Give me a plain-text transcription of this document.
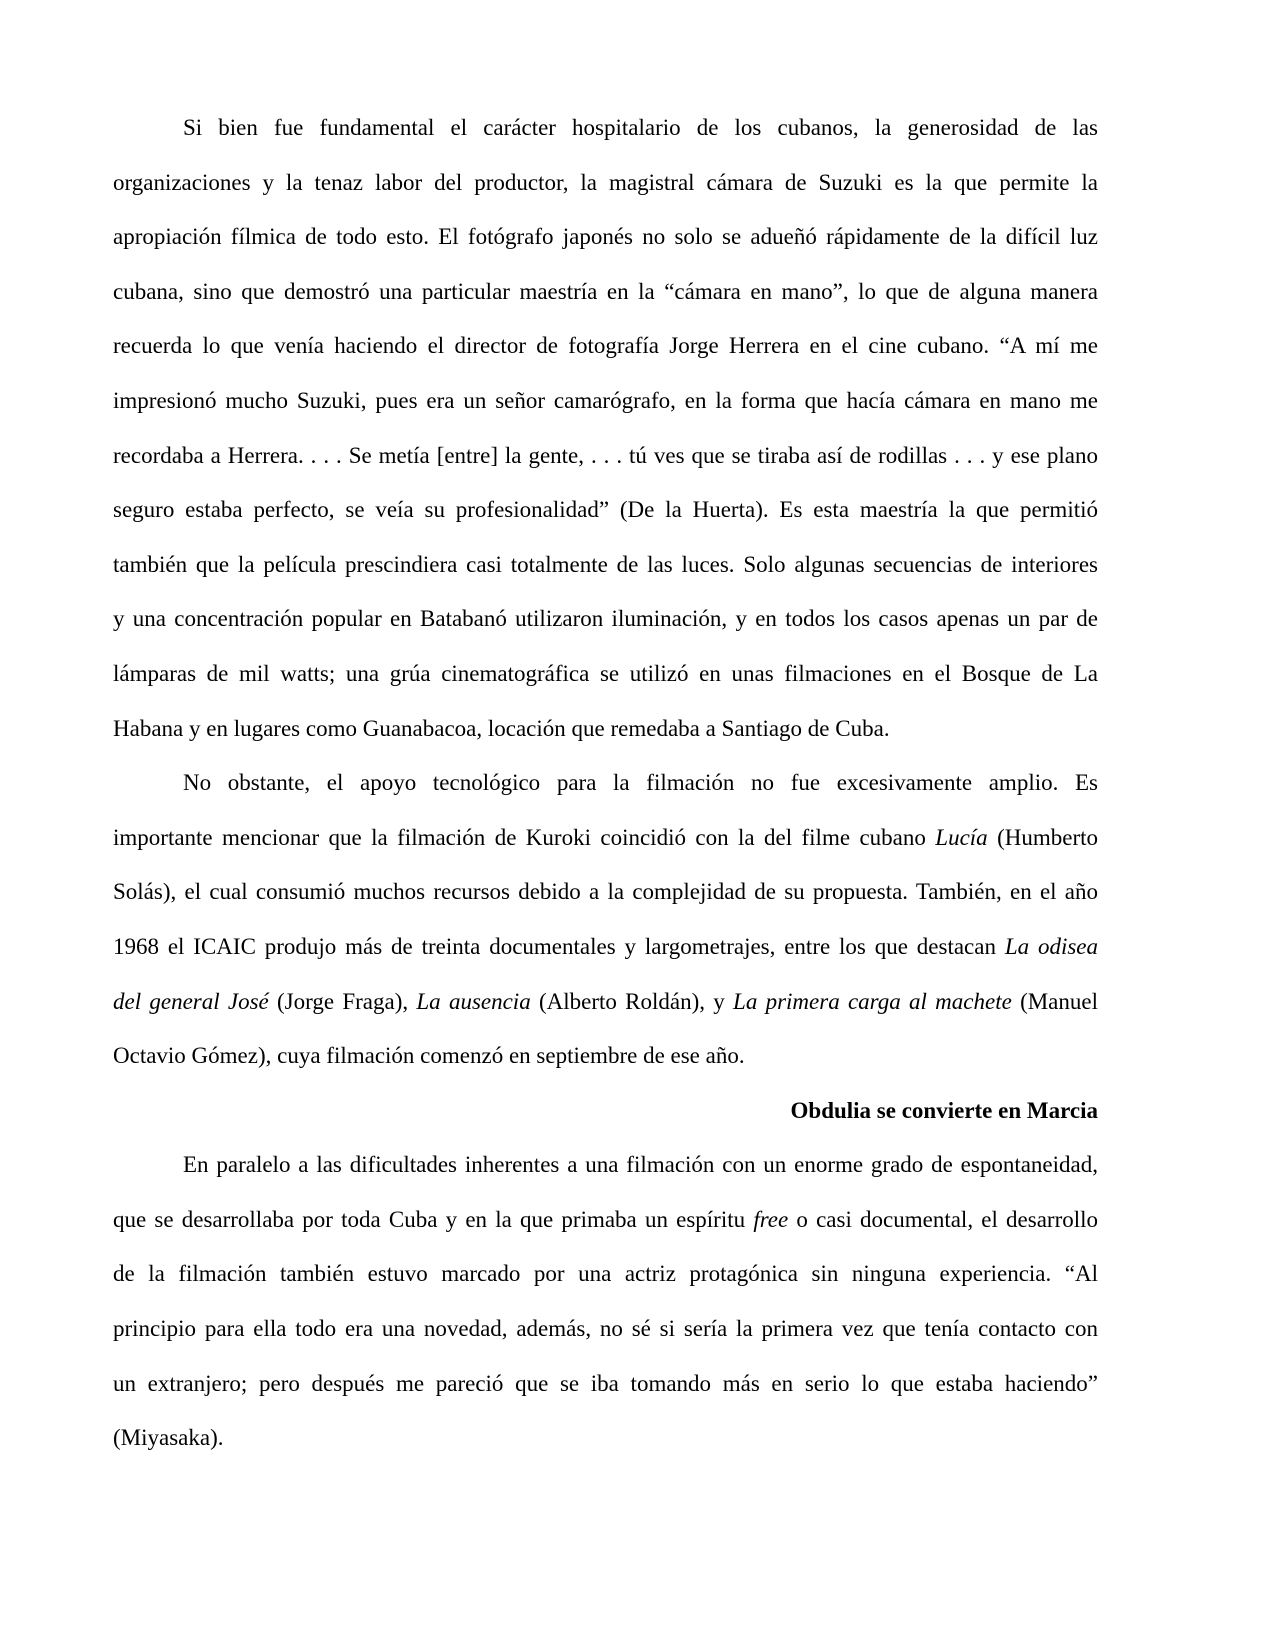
Si bien fue fundamental el carácter hospitalario de los cubanos, la generosidad de las
organizaciones y la tenaz labor del productor, la magistral cámara de Suzuki es la que permite la
apropiación fílmica de todo esto. El fotógrafo japonés no solo se adueñó rápidamente de la difícil luz
cubana, sino que demostró una particular maestría en la “cámara en mano”, lo que de alguna manera
recuerda lo que venía haciendo el director de fotografía Jorge Herrera en el cine cubano. “A mí me
impresionó mucho Suzuki, pues era un señor camarógrafo, en la forma que hacía cámara en mano me
recordaba a Herrera. . . . Se metía [entre] la gente, . . . tú ves que se tiraba así de rodillas . . . y ese plano
seguro estaba perfecto, se veía su profesionalidad” (De la Huerta). Es esta maestría la que permitió
también que la película prescindiera casi totalmente de las luces. Solo algunas secuencias de interiores
y una concentración popular en Batabanó utilizaron iluminación, y en todos los casos apenas un par de
lámparas de mil watts; una grúa cinematográfica se utilizó en unas filmaciones en el Bosque de La
Habana y en lugares como Guanabacoa, locación que remedaba a Santiago de Cuba.
No obstante, el apoyo tecnológico para la filmación no fue excesivamente amplio. Es
importante mencionar que la filmación de Kuroki coincidió con la del filme cubano Lucía (Humberto
Solás), el cual consumió muchos recursos debido a la complejidad de su propuesta. También, en el año
1968 el ICAIC produjo más de treinta documentales y largometrajes, entre los que destacan La odisea
del general José (Jorge Fraga), La ausencia (Alberto Roldán), y La primera carga al machete (Manuel
Octavio Gómez), cuya filmación comenzó en septiembre de ese año.
Obdulia se convierte en Marcia
En paralelo a las dificultades inherentes a una filmación con un enorme grado de espontaneidad,
que se desarrollaba por toda Cuba y en la que primaba un espíritu free o casi documental, el desarrollo
de la filmación también estuvo marcado por una actriz protagónica sin ninguna experiencia. “Al
principio para ella todo era una novedad, además, no sé si sería la primera vez que tenía contacto con
un extranjero; pero después me pareció que se iba tomando más en serio lo que estaba haciendo”
(Miyasaka).
